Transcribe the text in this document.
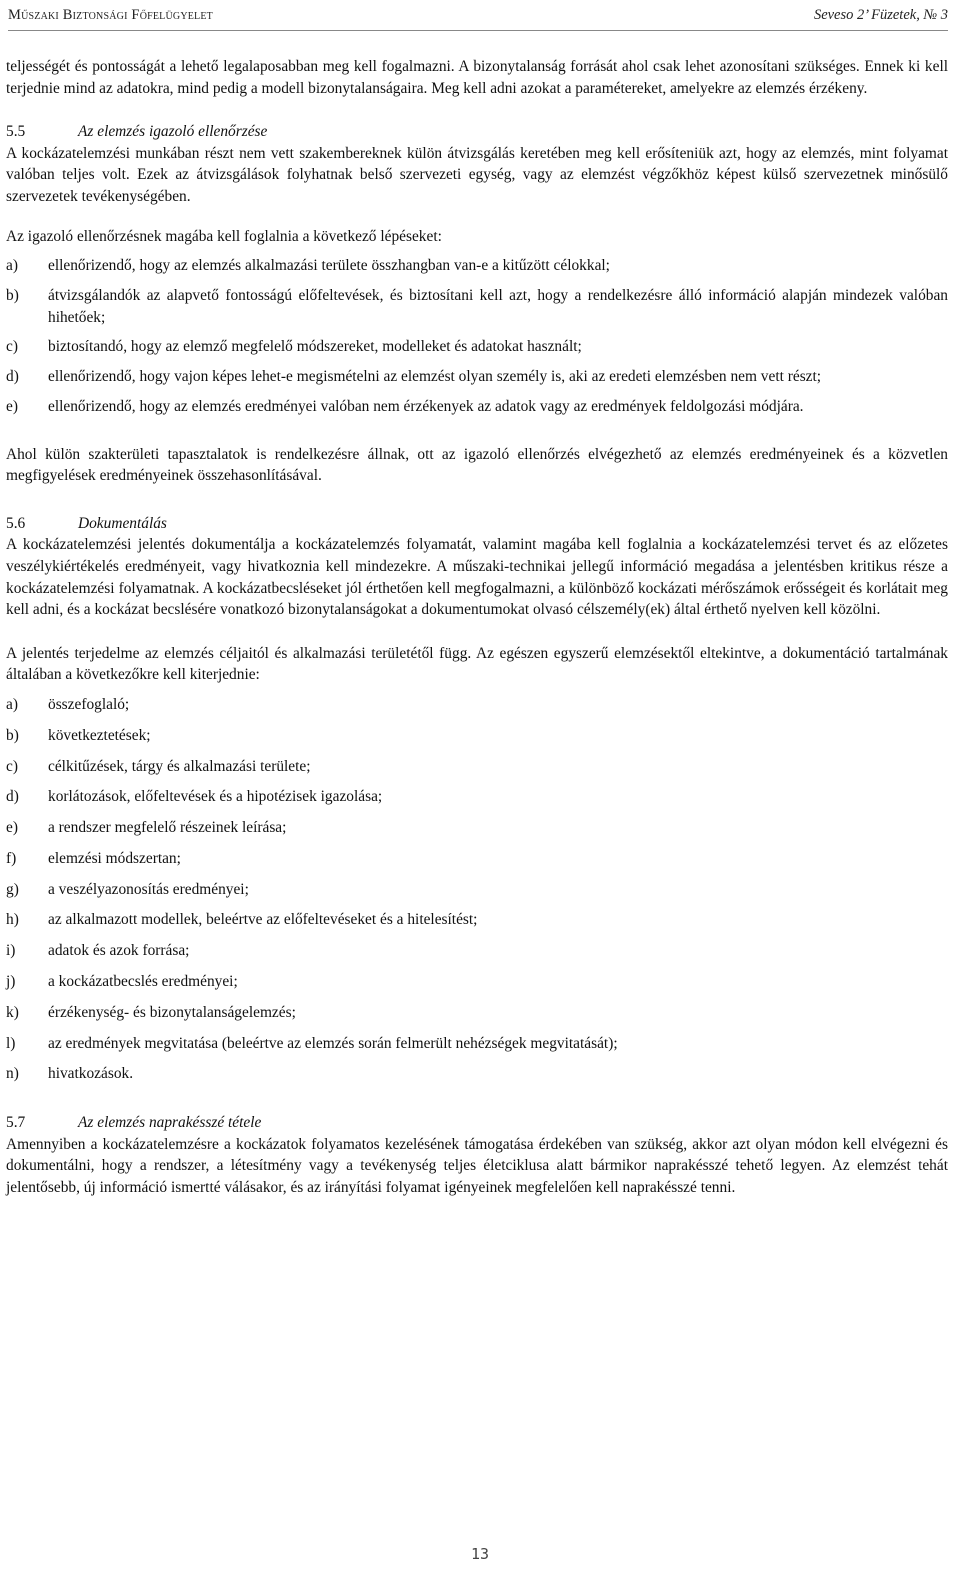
Műszaki Biztonsági Főfelügyelet	Seveso 2’ Füzetek, № 3

teljességét és pontosságát a lehető legalaposabban meg kell fogalmazni. A bizonytalanság forrását ahol csak lehet azonosítani szükséges. Ennek ki kell terjednie mind az adatokra, mind pedig a modell bizonytalanságaira. Meg kell adni azokat a paramétereket, amelyekre az elemzés érzékeny.

5.5	Az elemzés igazoló ellenőrzése

A kockázatelemzési munkában részt nem vett szakembereknek külön átvizsgálás keretében meg kell erősíteniük azt, hogy az elemzés, mint folyamat valóban teljes volt. Ezek az átvizsgálások folyhatnak belső szervezeti egység, vagy az elemzést végzőkhöz képest külső szervezetnek minősülő szervezetek tevékenységében.

Az igazoló ellenőrzésnek magába kell foglalnia a következő lépéseket:

a)	ellenőrizendő, hogy az elemzés alkalmazási területe összhangban van-e a kitűzött célokkal;
b)	átvizsgálandók az alapvető fontosságú előfeltevések, és biztosítani kell azt, hogy a rendelkezésre álló információ alapján mindezek valóban hihetőek;
c)	biztosítandó, hogy az elemző megfelelő módszereket, modelleket és adatokat használt;
d)	ellenőrizendő, hogy vajon képes lehet-e megismételni az elemzést olyan személy is, aki az eredeti elemzésben nem vett részt;
e)	ellenőrizendő, hogy az elemzés eredményei valóban nem érzékenyek az adatok vagy az eredmények feldolgozási módjára.

Ahol külön szakterületi tapasztalatok is rendelkezésre állnak, ott az igazoló ellenőrzés elvégezhető az elemzés eredményeinek és a közvetlen megfigyelések eredményeinek összehasonlításával.

5.6	Dokumentálás

A kockázatelemzési jelentés dokumentálja a kockázatelemzés folyamatát, valamint magába kell foglalnia a kockázatelemzési tervet és az előzetes veszélykiértékelés eredményeit, vagy hivatkoznia kell mindezekre. A műszaki-technikai jellegű információ megadása a jelentésben kritikus része a kockázatelemzési folyamatnak. A kockázatbecsléseket jól érthetően kell megfogalmazni, a különböző kockázati mérőszámok erősségeit és korlátait meg kell adni, és a kockázat becslésére vonatkozó bizonytalanságokat a dokumentumokat olvasó célszemély(ek) által érthető nyelven kell közölni.

A jelentés terjedelme az elemzés céljaitól és alkalmazási területétől függ. Az egészen egyszerű elemzésektől eltekintve, a dokumentáció tartalmának általában a következőkre kell kiterjednie:

a)	összefoglaló;
b)	következtetések;
c)	célkitűzések, tárgy és alkalmazási területe;
d)	korlátozások, előfeltevések és a hipotézisek igazolása;
e)	a rendszer megfelelő részeinek leírása;
f)	elemzési módszertan;
g)	a veszélyazonosítás eredményei;
h)	az alkalmazott modellek, beleértve az előfeltevéseket és a hitelesítést;
i)	adatok és azok forrása;
j)	a kockázatbecslés eredményei;
k)	érzékenység- és bizonytalanságelemzés;
l)	az eredmények megvitatása (beleértve az elemzés során felmerült nehézségek megvitatását);
n)	hivatkozások.
5.7	Az elemzés naprakésszé tétele

Amennyiben a kockázatelemzésre a kockázatok folyamatos kezelésének támogatása érdekében van szükség, akkor azt olyan módon kell elvégezni és dokumentálni, hogy a rendszer, a létesítmény vagy a tevékenység teljes életciklusa alatt bármikor naprakésszé tehető legyen. Az elemzést tehát jelentősebb, új információ ismertté válásakor, és az irányítási folyamat igényeinek megfelelően kell naprakésszé tenni.

13
